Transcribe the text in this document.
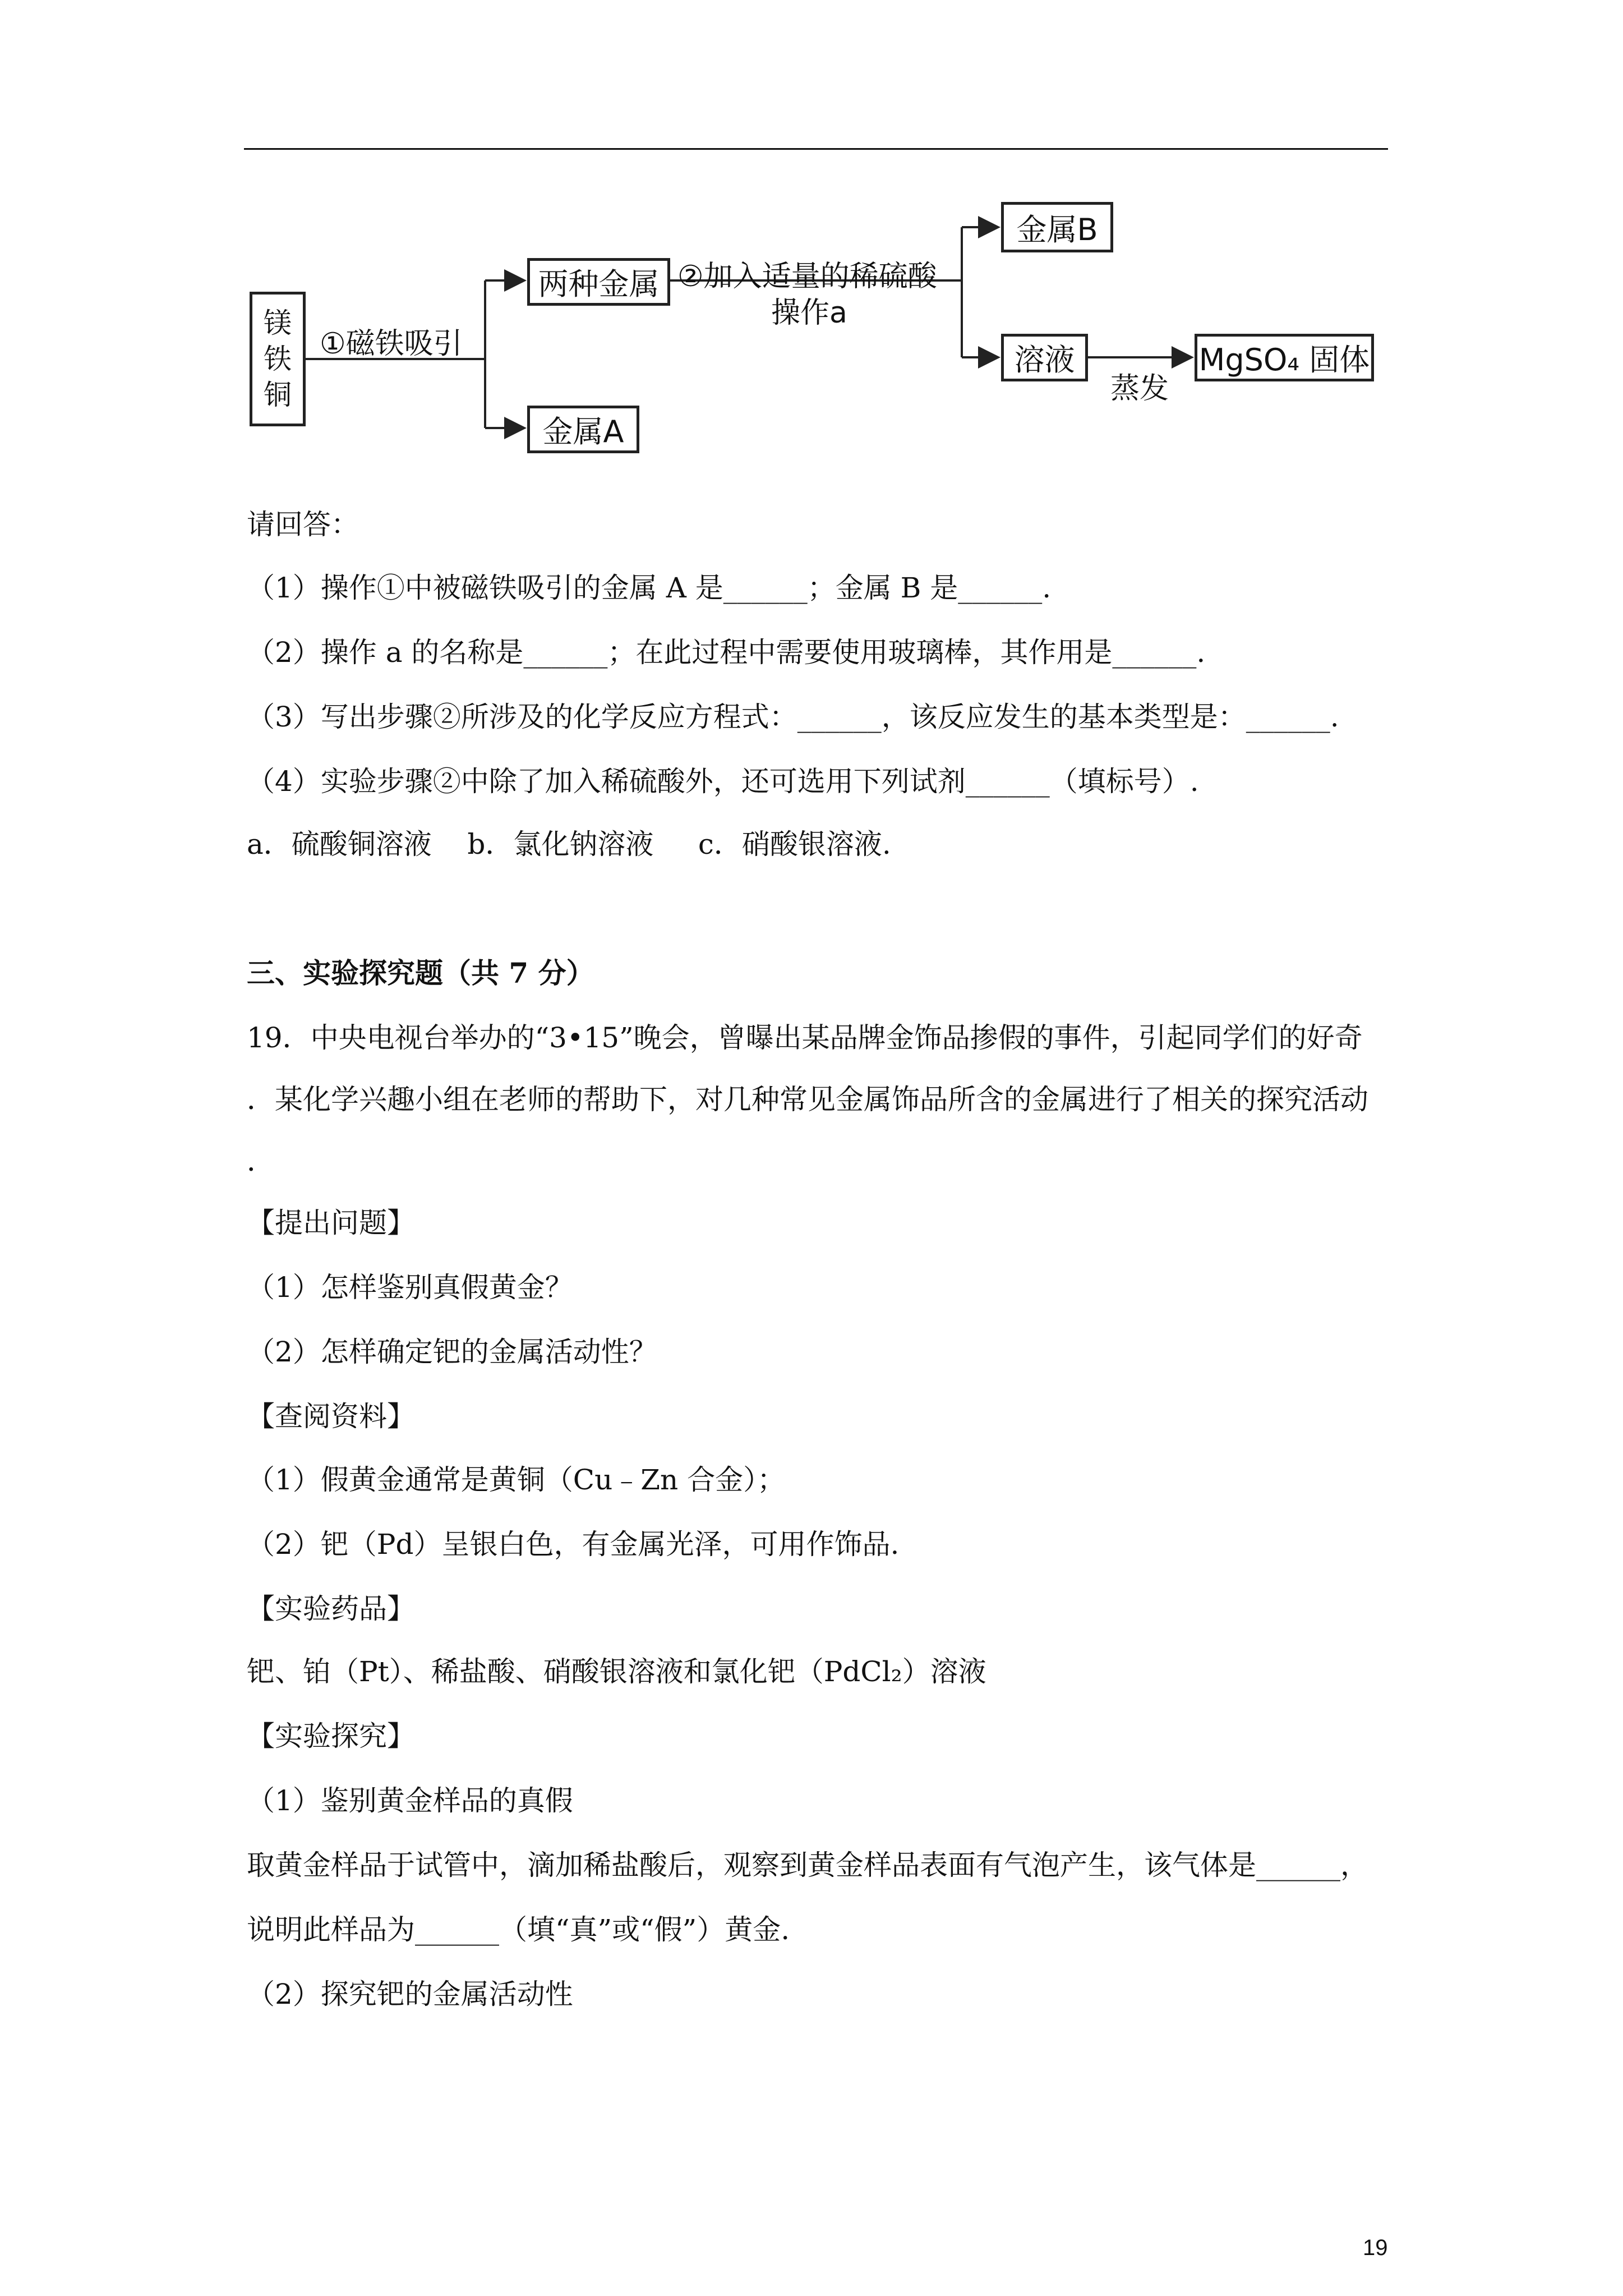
镁
铁
铜
①磁铁吸引
两种金属
金属A
②加入适量的稀硫酸
操作a
金属B
溶液
蒸发
MgSO₄ 固体
请回答：
（1）操作①中被磁铁吸引的金属 A 是______；金属 B 是______.
（2）操作 a 的名称是______；在此过程中需要使用玻璃棒，其作用是______.
（3）写出步骤②所涉及的化学反应方程式：______，该反应发生的基本类型是：______.
（4）实验步骤②中除了加入稀硫酸外，还可选用下列试剂______（填标号）.
a．硫酸铜溶液    b．氯化钠溶液     c．硝酸银溶液.
三、实验探究题（共 7 分）
19．中央电视台举办的“3•15”晚会，曾曝出某品牌金饰品掺假的事件，引起同学们的好奇
．某化学兴趣小组在老师的帮助下，对几种常见金属饰品所含的金属进行了相关的探究活动
．
【提出问题】
（1）怎样鉴别真假黄金？
（2）怎样确定钯的金属活动性？
【查阅资料】
（1）假黄金通常是黄铜（Cu﹣Zn 合金）；
（2）钯（Pd）呈银白色，有金属光泽，可用作饰品.
【实验药品】
钯、铂（Pt）、稀盐酸、硝酸银溶液和氯化钯（PdCl₂）溶液
【实验探究】
（1）鉴别黄金样品的真假
取黄金样品于试管中，滴加稀盐酸后，观察到黄金样品表面有气泡产生，该气体是______，
说明此样品为______（填“真”或“假”）黄金.
（2）探究钯的金属活动性
19
